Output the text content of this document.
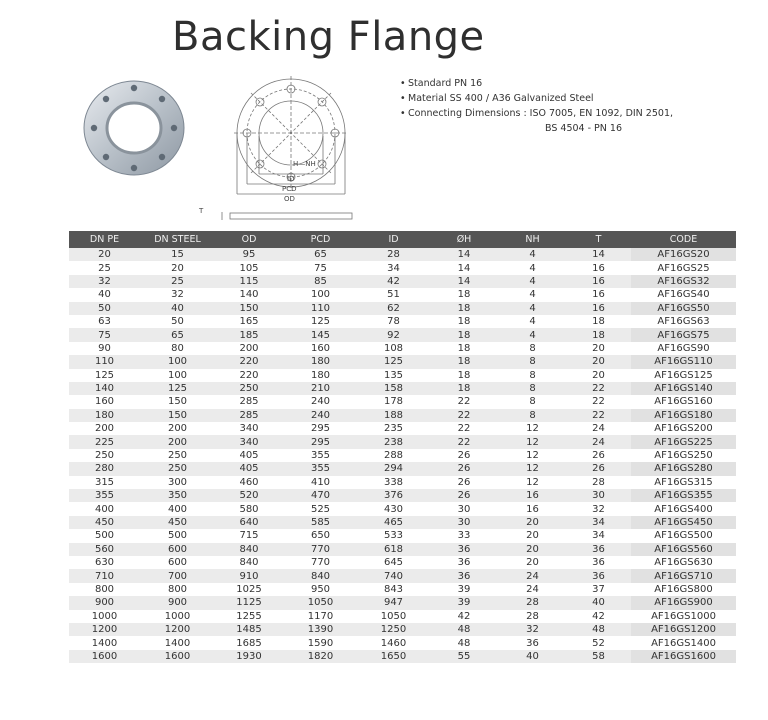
Backing Flange
H—NH
ID
PCD
OD
T
• Standard PN 16
• Material SS 400 / A36 Galvanized Steel
• Connecting Dimensions : ISO 7005, EN 1092, DIN 2501,
BS 4504 - PN 16
DN PE	DN STEEL	OD	PCD	ID	ØH	NH	T	CODE
20	15	95	65	28	14	4	14	AF16GS20
25	20	105	75	34	14	4	16	AF16GS25
32	25	115	85	42	14	4	16	AF16GS32
40	32	140	100	51	18	4	16	AF16GS40
50	40	150	110	62	18	4	16	AF16GS50
63	50	165	125	78	18	4	18	AF16GS63
75	65	185	145	92	18	4	18	AF16GS75
90	80	200	160	108	18	8	20	AF16GS90
110	100	220	180	125	18	8	20	AF16GS110
125	100	220	180	135	18	8	20	AF16GS125
140	125	250	210	158	18	8	22	AF16GS140
160	150	285	240	178	22	8	22	AF16GS160
180	150	285	240	188	22	8	22	AF16GS180
200	200	340	295	235	22	12	24	AF16GS200
225	200	340	295	238	22	12	24	AF16GS225
250	250	405	355	288	26	12	26	AF16GS250
280	250	405	355	294	26	12	26	AF16GS280
315	300	460	410	338	26	12	28	AF16GS315
355	350	520	470	376	26	16	30	AF16GS355
400	400	580	525	430	30	16	32	AF16GS400
450	450	640	585	465	30	20	34	AF16GS450
500	500	715	650	533	33	20	34	AF16GS500
560	600	840	770	618	36	20	36	AF16GS560
630	600	840	770	645	36	20	36	AF16GS630
710	700	910	840	740	36	24	36	AF16GS710
800	800	1025	950	843	39	24	37	AF16GS800
900	900	1125	1050	947	39	28	40	AF16GS900
1000	1000	1255	1170	1050	42	28	42	AF16GS1000
1200	1200	1485	1390	1250	48	32	48	AF16GS1200
1400	1400	1685	1590	1460	48	36	52	AF16GS1400
1600	1600	1930	1820	1650	55	40	58	AF16GS1600
